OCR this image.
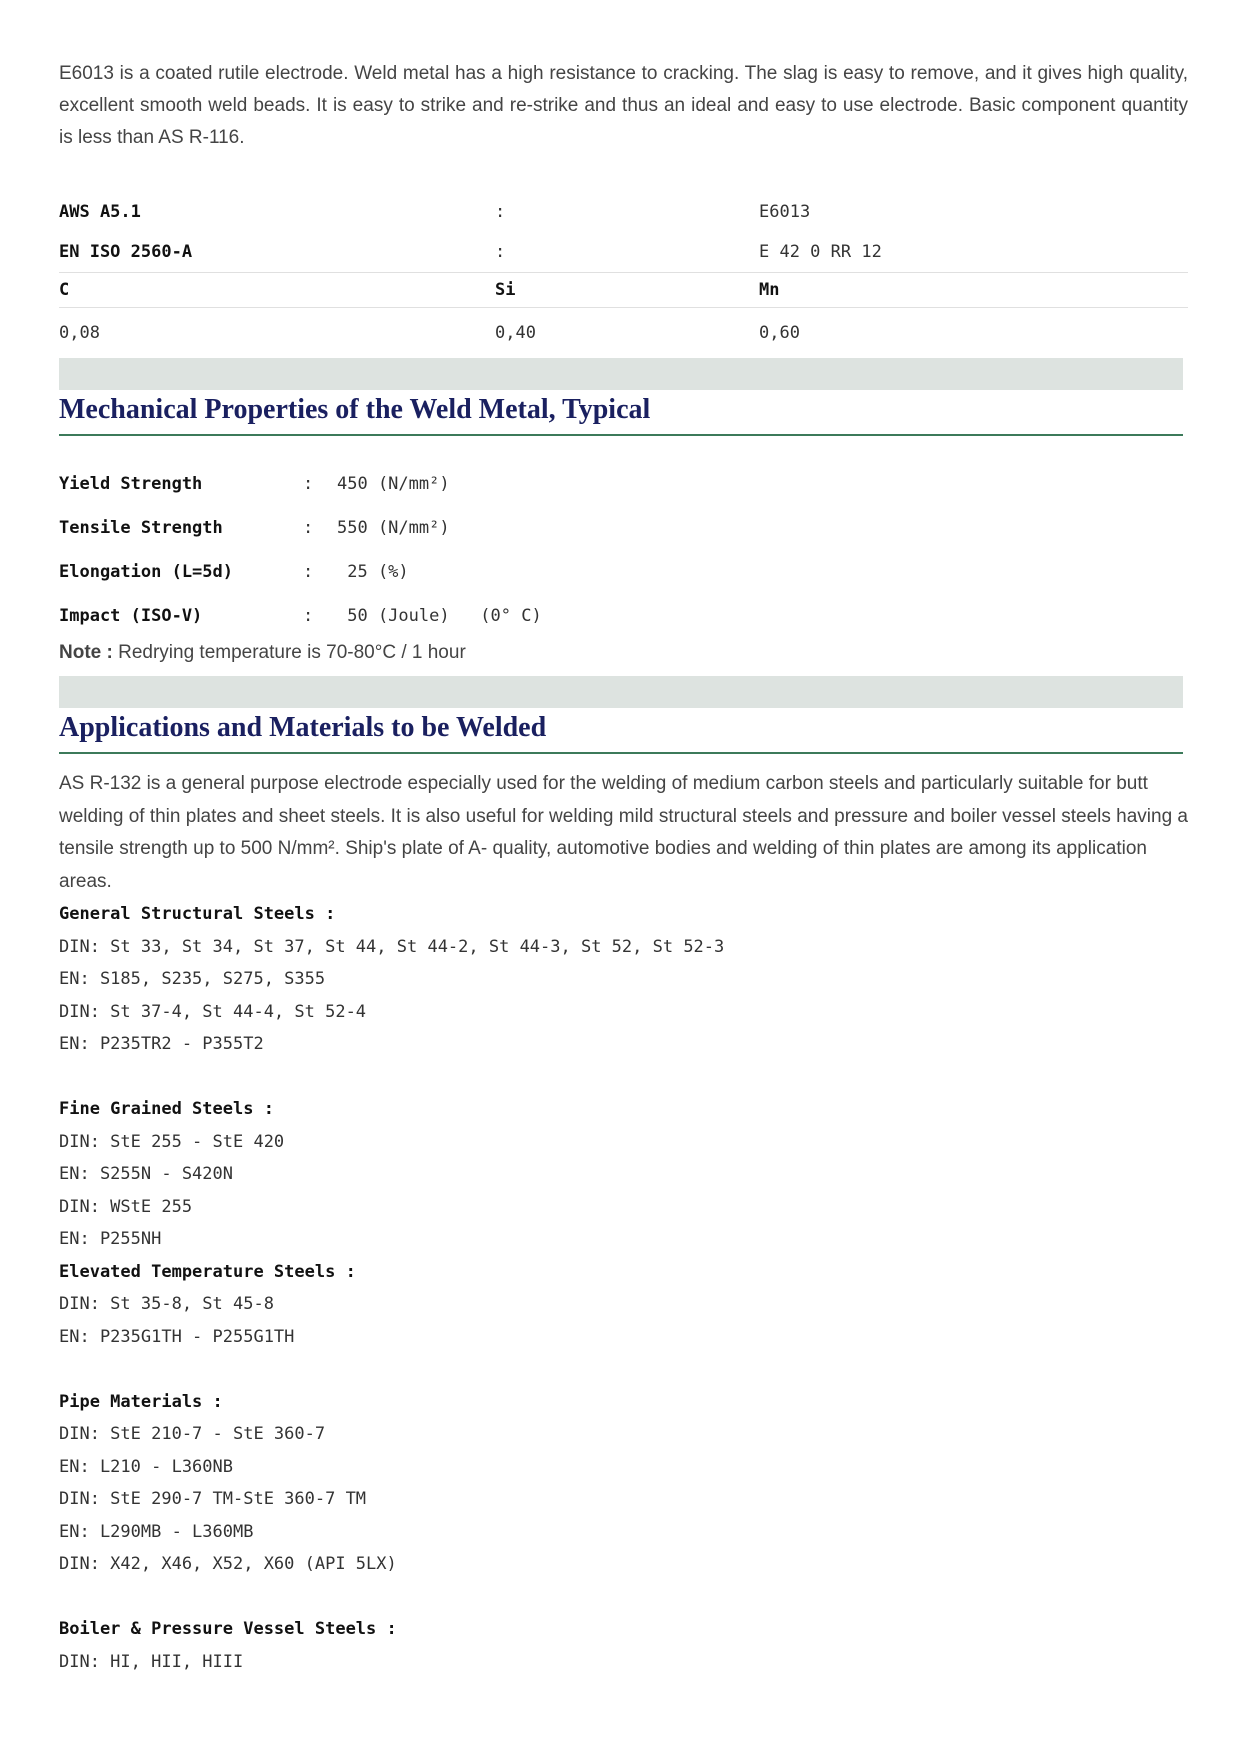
E6013 is a coated rutile electrode. Weld metal has a high resistance to cracking. The slag is easy to remove, and it gives high quality, excellent smooth weld beads. It is easy to strike and re-strike and thus an ideal and easy to use electrode. Basic component quantity is less than AS R-116.

AWS A5.1	:	E6013
EN ISO 2560-A	:	E 42 0 RR 12
C	Si	Mn
0,08	0,40	0,60
Mechanical Properties of the Weld Metal, Typical
Yield Strength	:	450 (N/mm²)
Tensile Strength	:	550 (N/mm²)
Elongation (L=5d)	:	25 (%)
Impact (ISO-V)	:	50 (Joule)   (0° C)
Note : Redrying temperature is 70-80°C / 1 hour
Applications and Materials to be Welded

AS R-132 is a general purpose electrode especially used for the welding of medium carbon steels and particularly suitable for butt welding of thin plates and sheet steels. It is also useful for welding mild structural steels and pressure and boiler vessel steels having a tensile strength up to 500 N/mm². Ship's plate of A- quality, automotive bodies and welding of thin plates are among its application areas.

General Structural Steels :
DIN: St 33, St 34, St 37, St 44, St 44-2, St 44-3, St 52, St 52-3
EN: S185, S235, S275, S355
DIN: St 37-4, St 44-4, St 52-4
EN: P235TR2 - P355T2
Fine Grained Steels :
DIN: StE 255 - StE 420
EN: S255N - S420N
DIN: WStE 255
EN: P255NH
Elevated Temperature Steels :
DIN: St 35-8, St 45-8
EN: P235G1TH - P255G1TH
Pipe Materials :
DIN: StE 210-7 - StE 360-7
EN: L210 - L360NB
DIN: StE 290-7 TM-StE 360-7 TM
EN: L290MB - L360MB
DIN: X42, X46, X52, X60 (API 5LX)
Boiler & Pressure Vessel Steels :
DIN: HI, HII, HIII
